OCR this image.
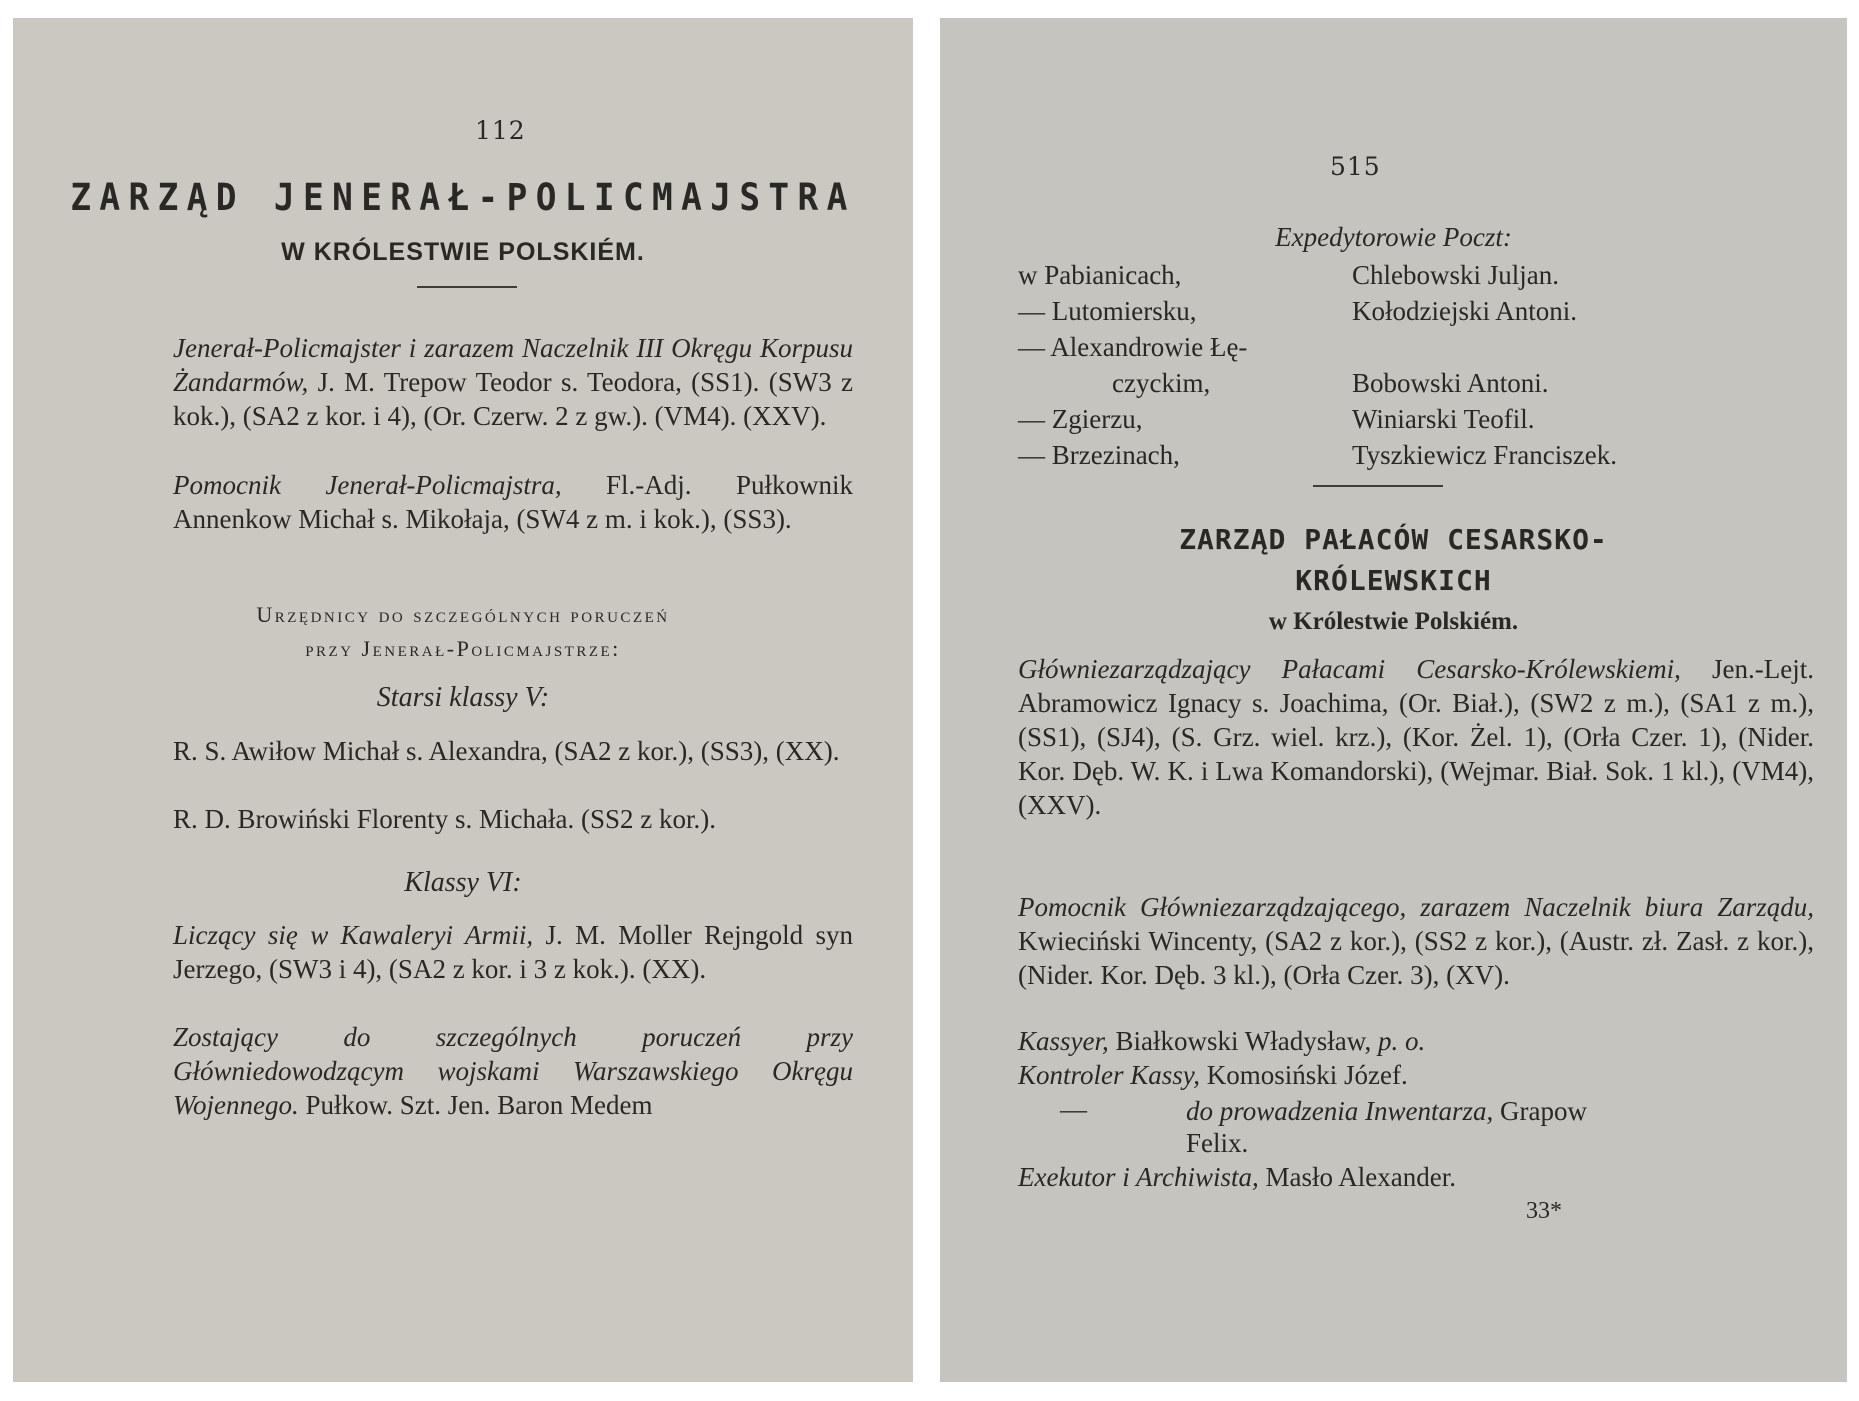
112
ZARZĄD JENERAŁ-POLICMAJSTRA
W KRÓLESTWIE POLSKIÉM.
Jenerał-Policmajster i zarazem Naczelnik III Okręgu Korpusu Żandarmów, J. M. Trepow Teodor s. Teodora, (SS1). (SW3 z kok.), (SA2 z kor. i 4), (Or. Czerw. 2 z gw.). (VM4). (XXV).
Pomocnik Jenerał-Policmajstra, Fl.-Adj. Pułkownik Annenkow Michał s. Mikołaja, (SW4 z m. i kok.), (SS3).
Urzędnicy do szczególnych poruczeń
przy Jenerał-Policmajstrze:
Starsi klassy V:
R. S. Awiłow Michał s. Alexandra, (SA2 z kor.), (SS3), (XX).
R. D. Browiński Florenty s. Michała. (SS2 z kor.).
Klassy VI:
Liczący się w Kawaleryi Armii, J. M. Moller Rejngold syn Jerzego, (SW3 i 4), (SA2 z kor. i 3 z kok.). (XX).
Zostający do szczególnych poruczeń przy Główniedowodzącym wojskami Warszawskiego Okręgu Wojennego. Pułkow. Szt. Jen. Baron Medem
515
Expedytorowie Poczt:
w Pabianicach,	Chlebowski Juljan.
— Lutomiersku,	Kołodziejski Antoni.
— Alexandrowie Łę-
czyckim,	Bobowski Antoni.
— Zgierzu,	Winiarski Teofil.
— Brzezinach,	Tyszkiewicz Franciszek.
ZARZĄD PAŁACÓW CESARSKO-
KRÓLEWSKICH
w Królestwie Polskiém.
Główniezarządzający Pałacami Cesarsko-Królewskiemi, Jen.-Lejt. Abramowicz Ignacy s. Joachima, (Or. Biał.), (SW2 z m.), (SA1 z m.), (SS1), (SJ4), (S. Grz. wiel. krz.), (Kor. Żel. 1), (Orła Czer. 1), (Nider. Kor. Dęb. W. K. i Lwa Komandorski), (Wejmar. Biał. Sok. 1 kl.), (VM4), (XXV).
Pomocnik Główniezarządzającego, zarazem Naczelnik biura Zarządu, Kwieciński Wincenty, (SA2 z kor.), (SS2 z kor.), (Austr. zł. Zasł. z kor.), (Nider. Kor. Dęb. 3 kl.), (Orła Czer. 3), (XV).
Kassyer, Białkowski Władysław, p. o.
Kontroler Kassy, Komosiński Józef.
—	do prowadzenia Inwentarza, Grapow
Felix.
Exekutor i Archiwista, Masło Alexander.
33*
